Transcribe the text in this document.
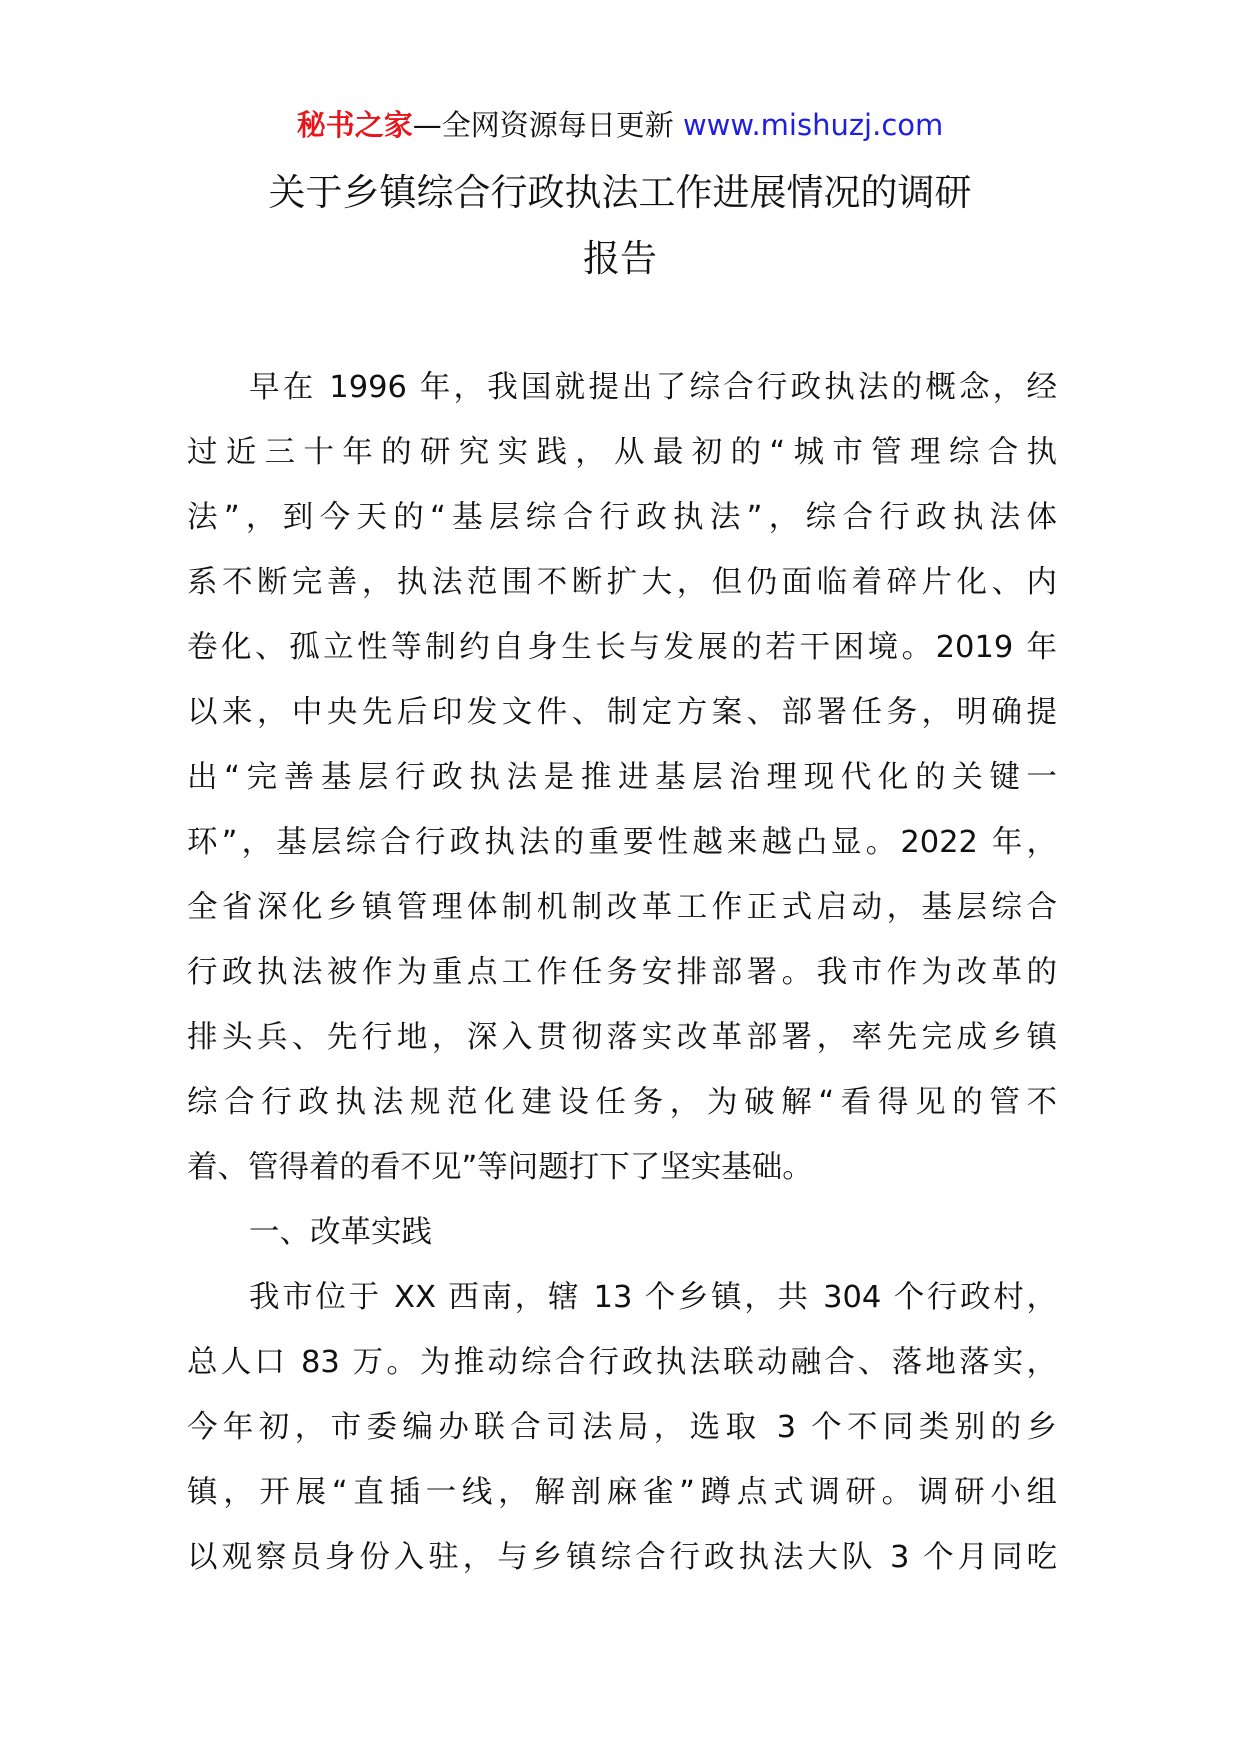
秘书之家—全网资源每日更新 www.mishuzj.com
关于乡镇综合行政执法工作进展情况的调研
报告
早在 1996 年，我国就提出了综合行政执法的概念，经
过近三十年的研究实践，从最初的“城市管理综合执
法”，到今天的“基层综合行政执法”，综合行政执法体
系不断完善，执法范围不断扩大，但仍面临着碎片化、内
卷化、孤立性等制约自身生长与发展的若干困境。2019 年
以来，中央先后印发文件、制定方案、部署任务，明确提
出“完善基层行政执法是推进基层治理现代化的关键一
环”，基层综合行政执法的重要性越来越凸显。2022 年，
全省深化乡镇管理体制机制改革工作正式启动，基层综合
行政执法被作为重点工作任务安排部署。我市作为改革的
排头兵、先行地，深入贯彻落实改革部署，率先完成乡镇
综合行政执法规范化建设任务，为破解“看得见的管不
着、管得着的看不见”等问题打下了坚实基础。
一、改革实践
我市位于 XX 西南，辖 13 个乡镇，共 304 个行政村，
总人口 83 万。为推动综合行政执法联动融合、落地落实，
今年初，市委编办联合司法局，选取 3 个不同类别的乡
镇，开展“直插一线，解剖麻雀”蹲点式调研。调研小组
以观察员身份入驻，与乡镇综合行政执法大队 3 个月同吃
